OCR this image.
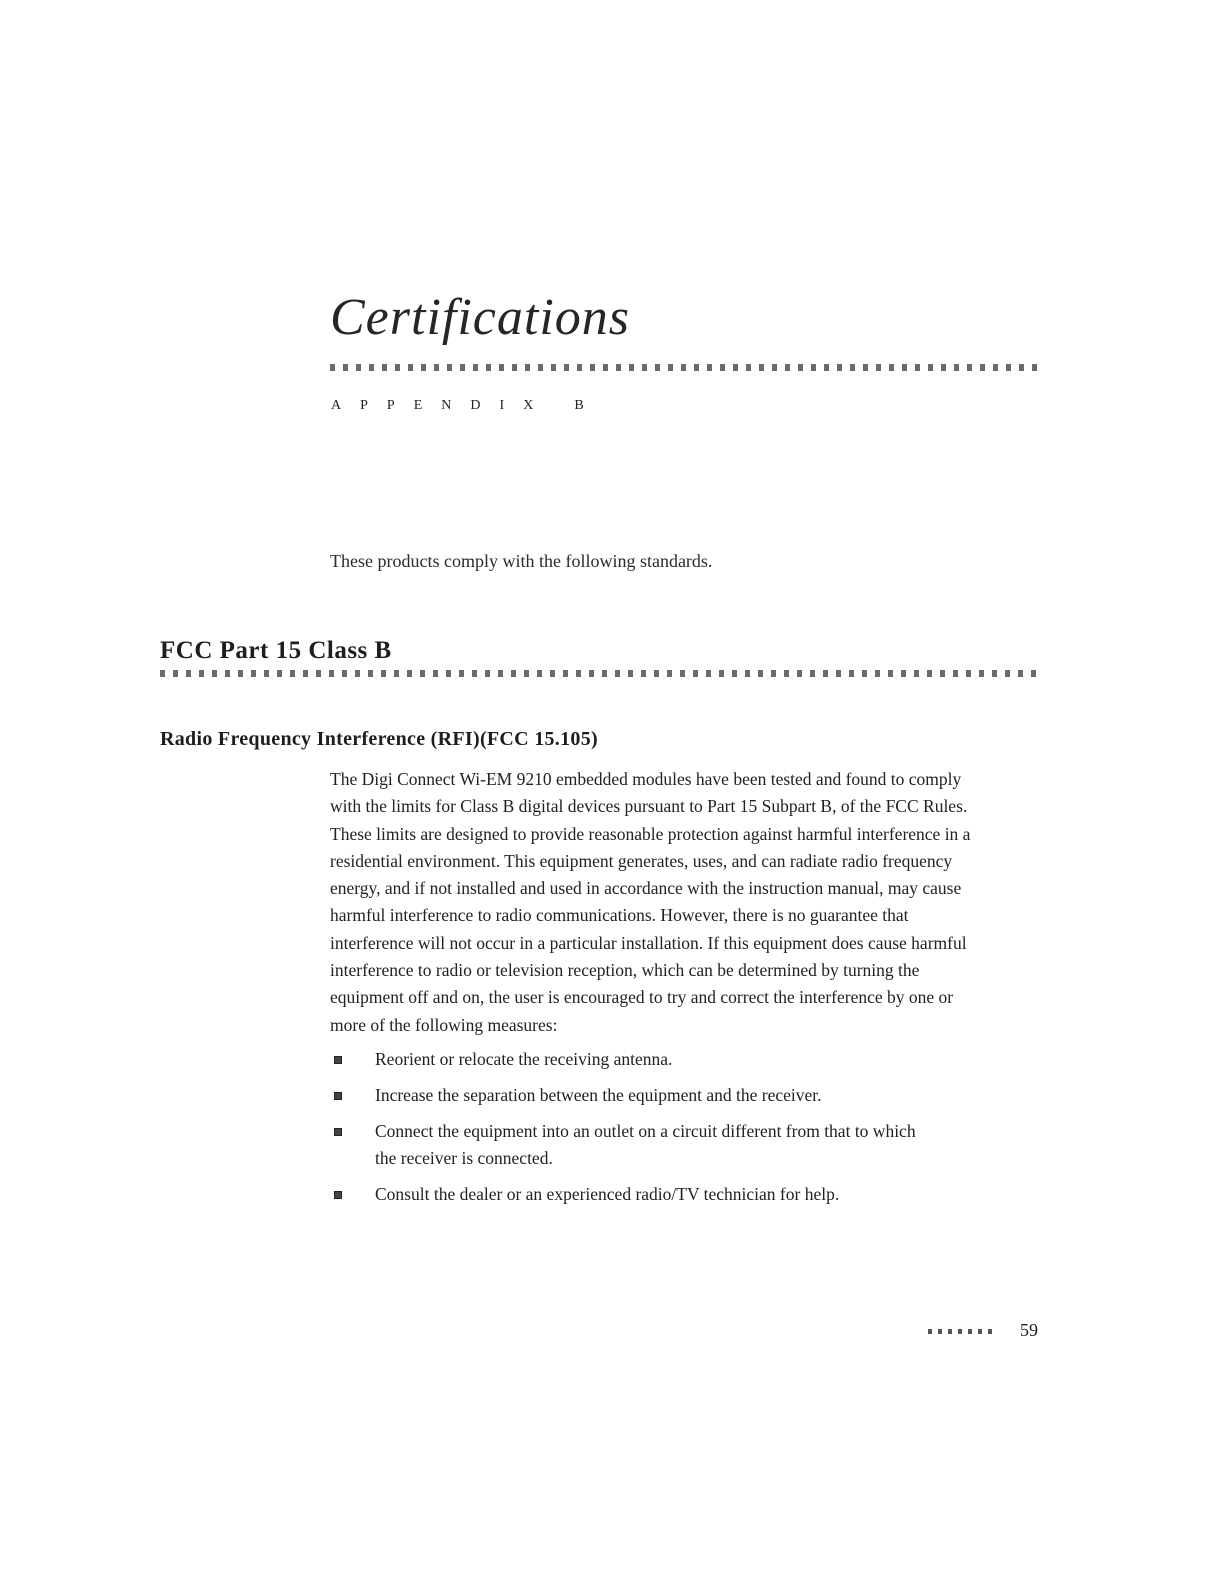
Certifications
A P P E N D I X	B
These products comply with the following standards.
FCC Part 15 Class B
Radio Frequency Interference (RFI)(FCC 15.105)
The Digi Connect Wi-EM 9210 embedded modules have been tested and found to comply
with the limits for Class B digital devices pursuant to Part 15 Subpart B, of the FCC Rules.
These limits are designed to provide reasonable protection against harmful interference in a
residential environment. This equipment generates, uses, and can radiate radio frequency
energy, and if not installed and used in accordance with the instruction manual, may cause
harmful interference to radio communications. However, there is no guarantee that
interference will not occur in a particular installation. If this equipment does cause harmful
interference to radio or television reception, which can be determined by turning the
equipment off and on, the user is encouraged to try and correct the interference by one or
more of the following measures:
Reorient or relocate the receiving antenna.
Increase the separation between the equipment and the receiver.
Connect the equipment into an outlet on a circuit different from that to which
the receiver is connected.
Consult the dealer or an experienced radio/TV technician for help.
59
